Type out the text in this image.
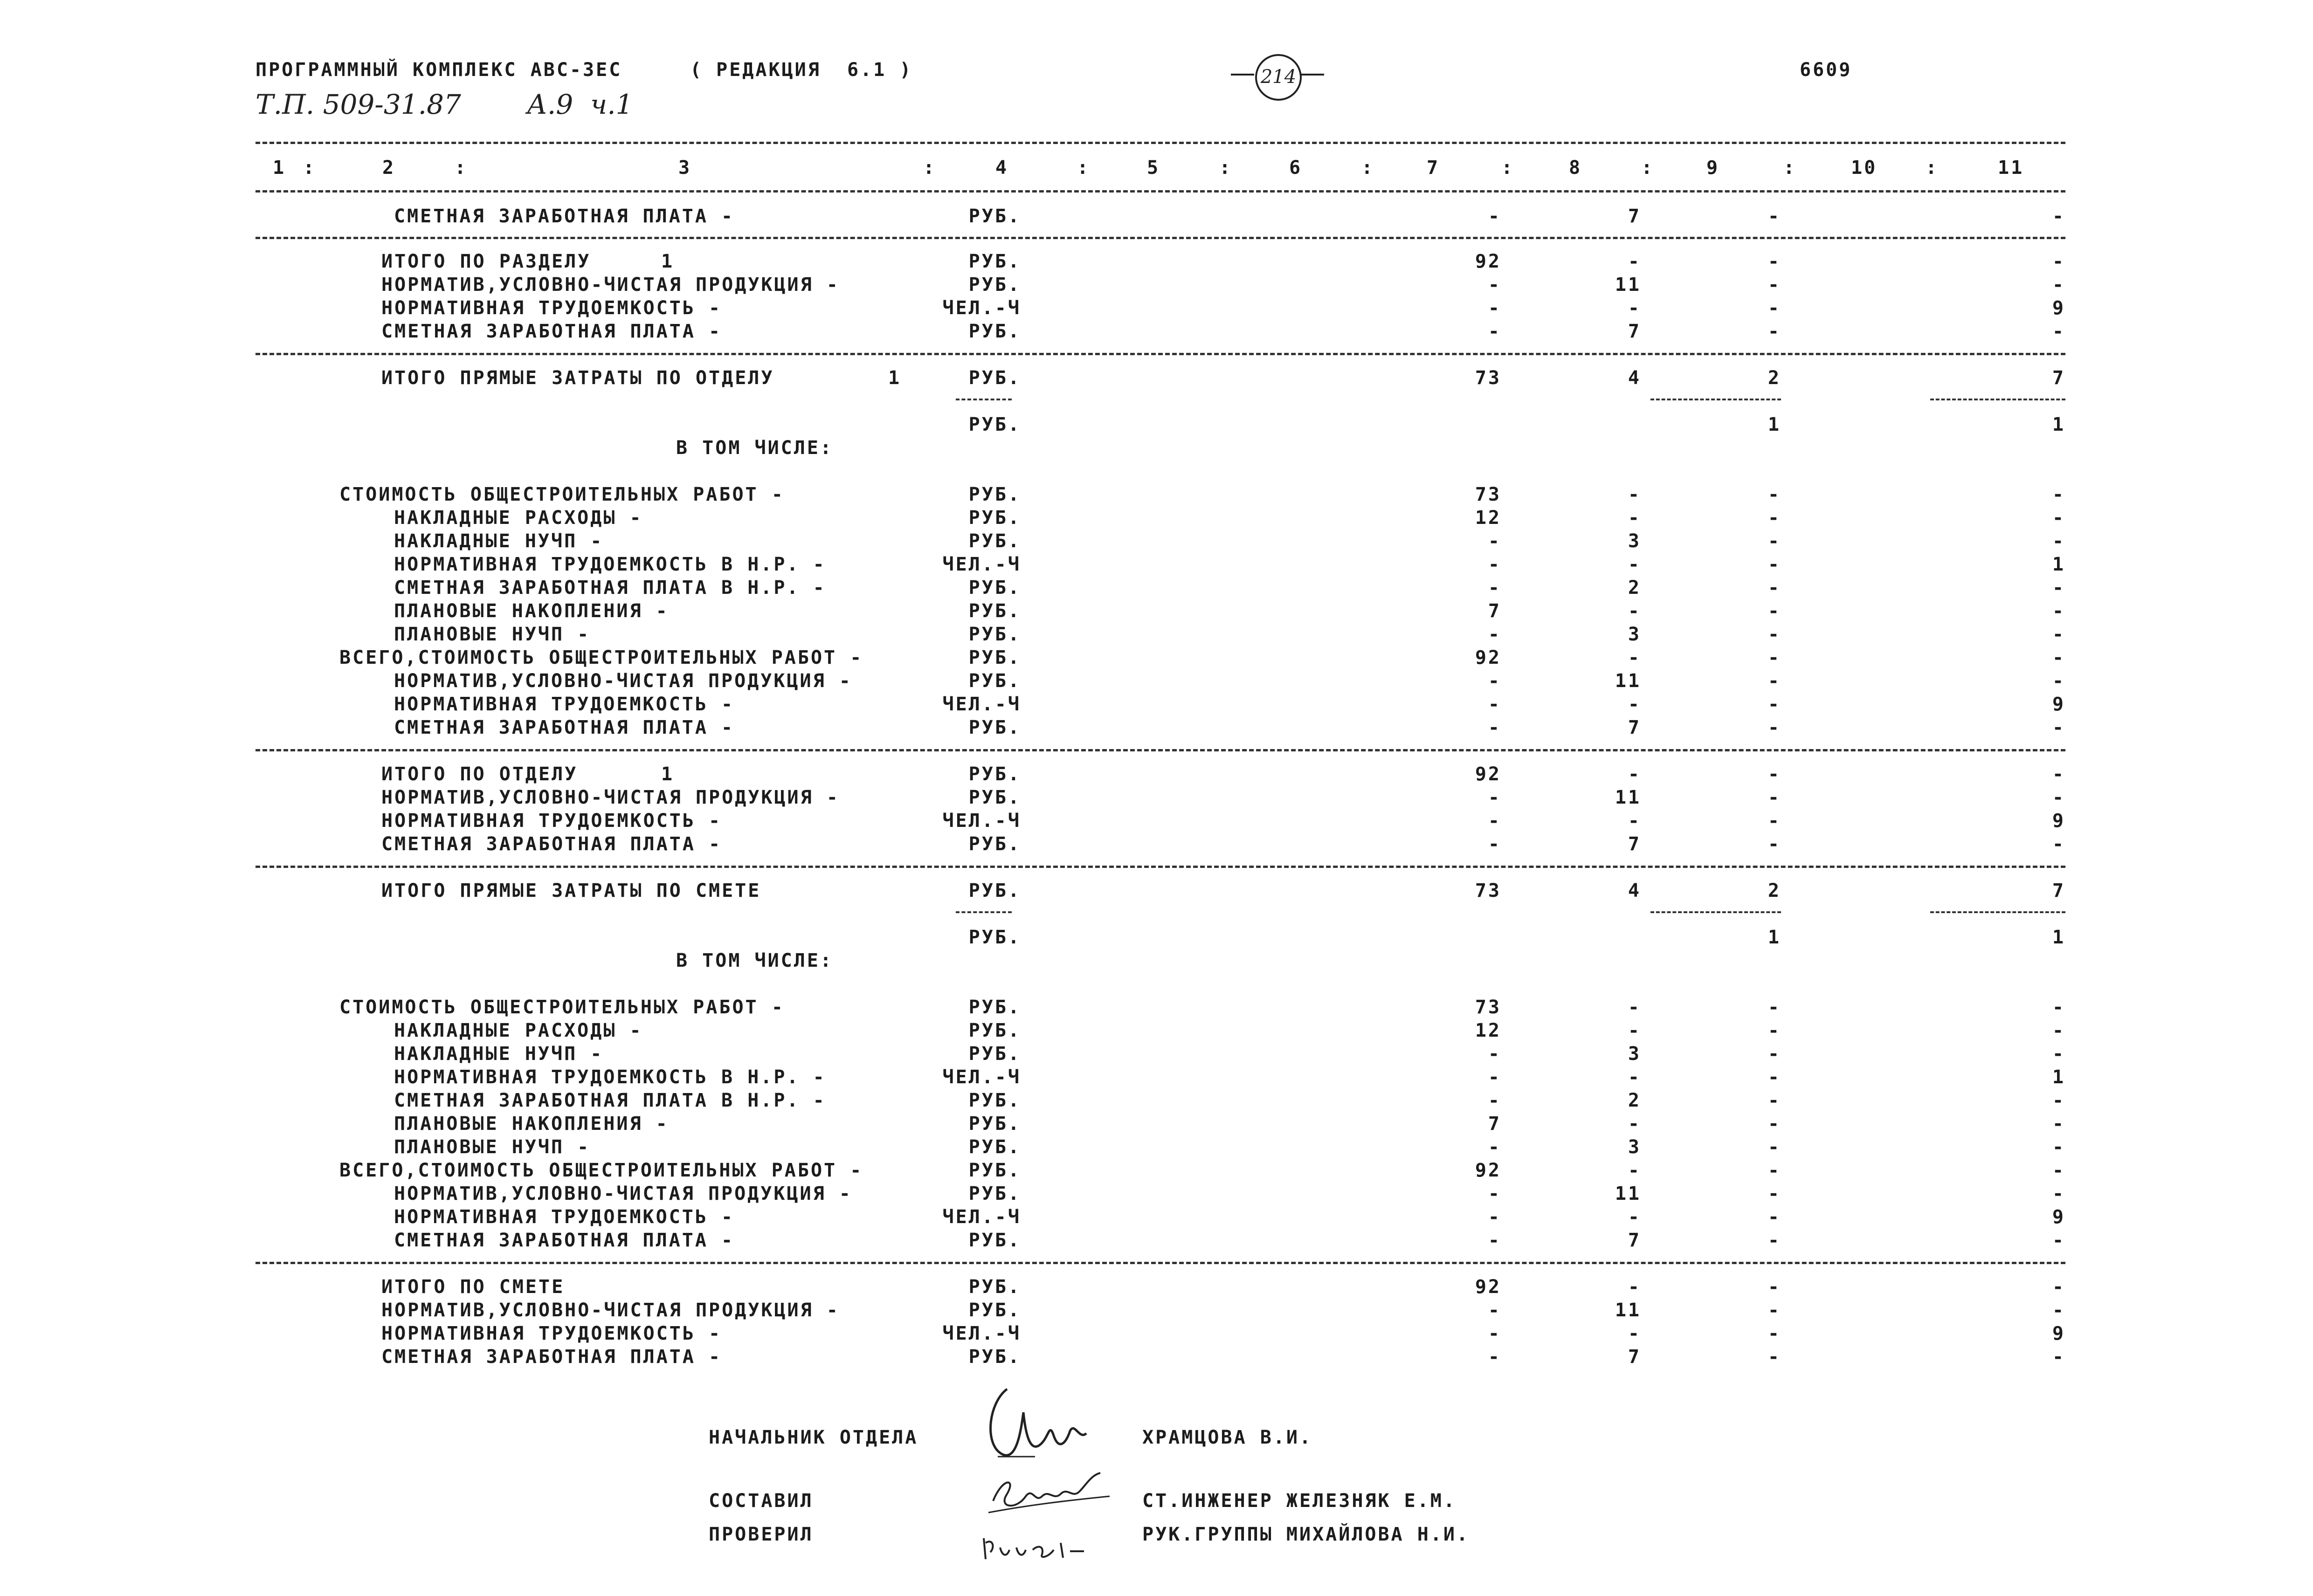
ПРОГРАММНЫЙ КОМПЛЕКС АВС-3ЕС	( РЕДАКЦИЯ  6.1 )	214	6609
Т.П. 509-31.87 А.9  ч.1
1	2	3	4	5	6	7	8	9	10	11
:	:	:	:	:	:	:	:	:	:
СМЕТНАЯ ЗАРАБОТНАЯ ПЛАТА -	РУБ.	-	7	-	-
ИТОГО ПО РАЗДЕЛУ	1	РУБ.	92	-	-	-
НОРМАТИВ,УСЛОВНО-ЧИСТАЯ ПРОДУКЦИЯ -	РУБ.	-	11	-	-
НОРМАТИВНАЯ ТРУДОЕМКОСТЬ -	ЧЕЛ.-Ч	-	-	-	9
СМЕТНАЯ ЗАРАБОТНАЯ ПЛАТА -	РУБ.	-	7	-	-
ИТОГО ПРЯМЫЕ ЗАТРАТЫ ПО ОТДЕЛУ	1	РУБ.	73	4	2	7
РУБ.	1	1
В ТОМ ЧИСЛЕ:
СТОИМОСТЬ ОБЩЕСТРОИТЕЛЬНЫХ РАБОТ -	РУБ.	73	-	-	-
НАКЛАДНЫЕ РАСХОДЫ -	РУБ.	12	-	-	-
НАКЛАДНЫЕ НУЧП -	РУБ.	-	3	-	-
НОРМАТИВНАЯ ТРУДОЕМКОСТЬ В Н.Р. -	ЧЕЛ.-Ч	-	-	-	1
СМЕТНАЯ ЗАРАБОТНАЯ ПЛАТА В Н.Р. -	РУБ.	-	2	-	-
ПЛАНОВЫЕ НАКОПЛЕНИЯ -	РУБ.	7	-	-	-
ПЛАНОВЫЕ НУЧП -	РУБ.	-	3	-	-
ВСЕГО,СТОИМОСТЬ ОБЩЕСТРОИТЕЛЬНЫХ РАБОТ -	РУБ.	92	-	-	-
НОРМАТИВ,УСЛОВНО-ЧИСТАЯ ПРОДУКЦИЯ -	РУБ.	-	11	-	-
НОРМАТИВНАЯ ТРУДОЕМКОСТЬ -	ЧЕЛ.-Ч	-	-	-	9
СМЕТНАЯ ЗАРАБОТНАЯ ПЛАТА -	РУБ.	-	7	-	-
ИТОГО ПО ОТДЕЛУ	1	РУБ.	92	-	-	-
НОРМАТИВ,УСЛОВНО-ЧИСТАЯ ПРОДУКЦИЯ -	РУБ.	-	11	-	-
НОРМАТИВНАЯ ТРУДОЕМКОСТЬ -	ЧЕЛ.-Ч	-	-	-	9
СМЕТНАЯ ЗАРАБОТНАЯ ПЛАТА -	РУБ.	-	7	-	-
ИТОГО ПРЯМЫЕ ЗАТРАТЫ ПО СМЕТЕ	РУБ.	73	4	2	7
РУБ.	1	1
В ТОМ ЧИСЛЕ:
СТОИМОСТЬ ОБЩЕСТРОИТЕЛЬНЫХ РАБОТ -	РУБ.	73	-	-	-
НАКЛАДНЫЕ РАСХОДЫ -	РУБ.	12	-	-	-
НАКЛАДНЫЕ НУЧП -	РУБ.	-	3	-	-
НОРМАТИВНАЯ ТРУДОЕМКОСТЬ В Н.Р. -	ЧЕЛ.-Ч	-	-	-	1
СМЕТНАЯ ЗАРАБОТНАЯ ПЛАТА В Н.Р. -	РУБ.	-	2	-	-
ПЛАНОВЫЕ НАКОПЛЕНИЯ -	РУБ.	7	-	-	-
ПЛАНОВЫЕ НУЧП -	РУБ.	-	3	-	-
ВСЕГО,СТОИМОСТЬ ОБЩЕСТРОИТЕЛЬНЫХ РАБОТ -	РУБ.	92	-	-	-
НОРМАТИВ,УСЛОВНО-ЧИСТАЯ ПРОДУКЦИЯ -	РУБ.	-	11	-	-
НОРМАТИВНАЯ ТРУДОЕМКОСТЬ -	ЧЕЛ.-Ч	-	-	-	9
СМЕТНАЯ ЗАРАБОТНАЯ ПЛАТА -	РУБ.	-	7	-	-
ИТОГО ПО СМЕТЕ	РУБ.	92	-	-	-
НОРМАТИВ,УСЛОВНО-ЧИСТАЯ ПРОДУКЦИЯ -	РУБ.	-	11	-	-
НОРМАТИВНАЯ ТРУДОЕМКОСТЬ -	ЧЕЛ.-Ч	-	-	-	9
СМЕТНАЯ ЗАРАБОТНАЯ ПЛАТА -	РУБ.	-	7	-	-
НАЧАЛЬНИК ОТДЕЛА	ХРАМЦОВА В.И.
СОСТАВИЛ	СТ.ИНЖЕНЕР ЖЕЛЕЗНЯК Е.М.
ПРОВЕРИЛ	РУК.ГРУППЫ МИХАЙЛОВА Н.И.
